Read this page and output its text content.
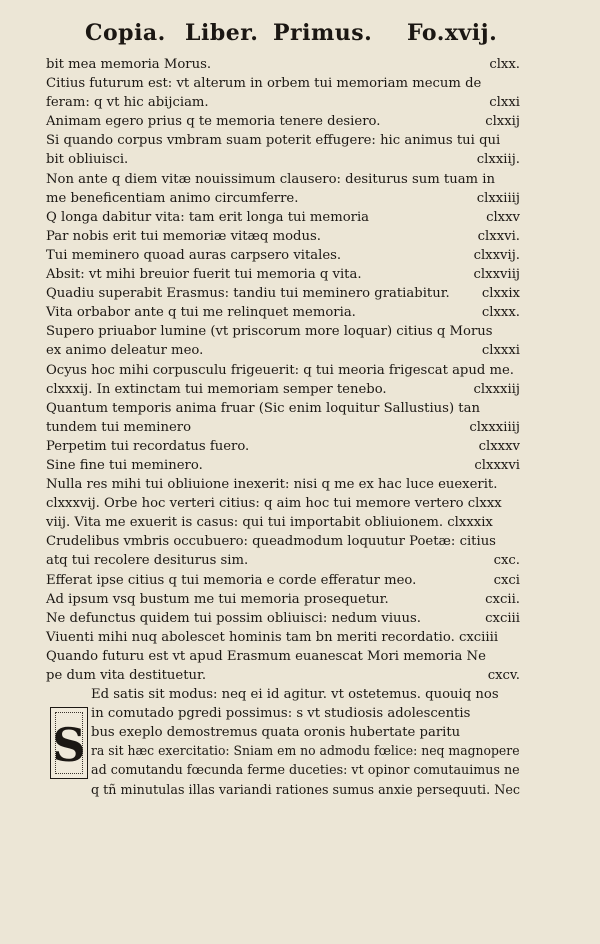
Copia. Liber. Primus. Fo.xvij.
bit mea memoria Morus.	clxx.
Citius futurum est: vt alterum in orbem tui memoriam mecum de
feram: q vt hic abijciam.	clxxi
Animam egero prius q te memoria tenere desiero.	clxxij
Si quando corpus vmbram suam poterit effugere: hic animus tui qui
bit obliuisci.	clxxiij.
Non ante q diem vitæ nouissimum clausero: desiturus sum tuam in
me beneficentiam animo circumferre.	clxxiiij
Q longa dabitur vita: tam erit longa tui memoria	clxxv
Par nobis erit tui memoriæ vitæq modus.	clxxvi.
Tui meminero quoad auras carpsero vitales.	clxxvij.
Absit: vt mihi breuior fuerit tui memoria q vita.	clxxviij
Quadiu superabit Erasmus: tandiu tui meminero gratiabitur. clxxix
Vita orbabor ante q tui me relinquet memoria.	clxxx.
Supero priuabor lumine (vt priscorum more loquar) citius q Morus
ex animo deleatur meo.	clxxxi
Ocyus hoc mihi corpusculu frigeuerit: q tui meoria frigescat apud me.
clxxxij. In extinctam tui memoriam semper tenebo.	clxxxiij
Quantum temporis anima fruar (Sic enim loquitur Sallustius) tan
tundem tui meminero	clxxxiiij
Perpetim tui recordatus fuero.	clxxxv
Sine fine tui meminero.	clxxxvi
Nulla res mihi tui obliuione inexerit: nisi q me ex hac luce euexerit.
clxxxvij. Orbe hoc verteri citius: q aim hoc tui memore vertero clxxx
viij. Vita me exuerit is casus: qui tui importabit obliuionem. clxxxix
Crudelibus vmbris occubuero: queadmodum loquutur Poetæ: citius
atq tui recolere desiturus sim.	cxc.
Efferat ipse citius q tui memoria e corde efferatur meo.	cxci
Ad ipsum vsq bustum me tui memoria prosequetur.	cxcii.
Ne defunctus quidem tui possim obliuisci: nedum viuus.	cxciii
Viuenti mihi nuq abolescet hominis tam bn meriti recordatio. cxciiii
Quando futuru est vt apud Erasmum euanescat Mori memoria Ne
pe dum vita destituetur.	cxcv.
Ed satis sit modus: neq ei id agitur. vt ostetemus. quouiq nos
in comutado pgredi possimus: s vt studiosis adolescentis
bus exeplo demostremus quata oronis hubertate paritu
ra sit hæc exercitatio: Sniam em no admodu fœlice: neq magnopere
ad comutandu fœcunda ferme duceties: vt opinor comutauimus ne
q tñ minutulas illas variandi rationes sumus anxie persequuti. Nec
S
